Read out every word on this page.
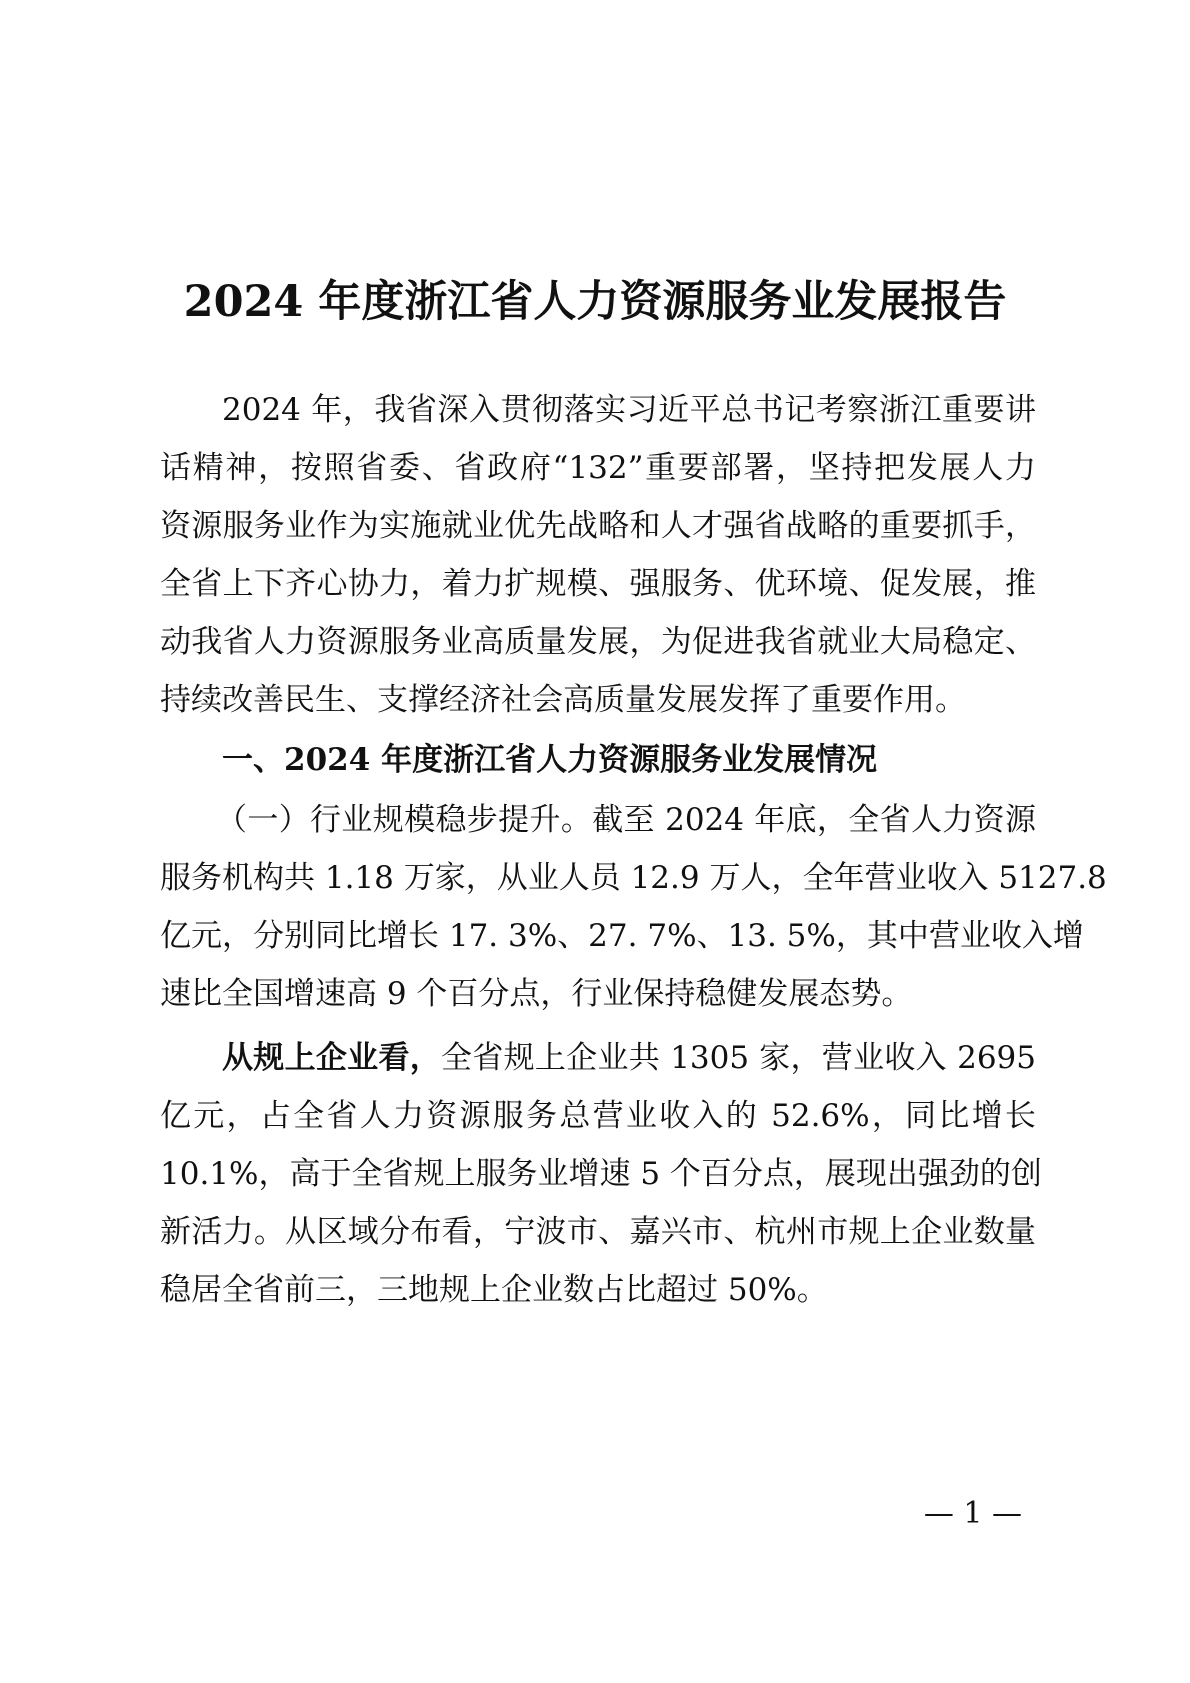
2024 年度浙江省人力资源服务业发展报告
2024 年，我省深入贯彻落实习近平总书记考察浙江重要讲
话精神，按照省委、省政府“132”重要部署，坚持把发展人力
资源服务业作为实施就业优先战略和人才强省战略的重要抓手，
全省上下齐心协力，着力扩规模、强服务、优环境、促发展，推
动我省人力资源服务业高质量发展，为促进我省就业大局稳定、
持续改善民生、支撑经济社会高质量发展发挥了重要作用。
一、2024 年度浙江省人力资源服务业发展情况
（一）行业规模稳步提升。截至 2024 年底，全省人力资源
服务机构共 1.18 万家，从业人员 12.9 万人，全年营业收入 5127.8
亿元，分别同比增长 17. 3%、27. 7%、13. 5%，其中营业收入增
速比全国增速高 9 个百分点，行业保持稳健发展态势。
从规上企业看，全省规上企业共 1305 家，营业收入 2695
亿元，占全省人力资源服务总营业收入的 52.6%，同比增长
10.1%，高于全省规上服务业增速 5 个百分点，展现出强劲的创
新活力。从区域分布看，宁波市、嘉兴市、杭州市规上企业数量
稳居全省前三，三地规上企业数占比超过 50%。
— 1 —
